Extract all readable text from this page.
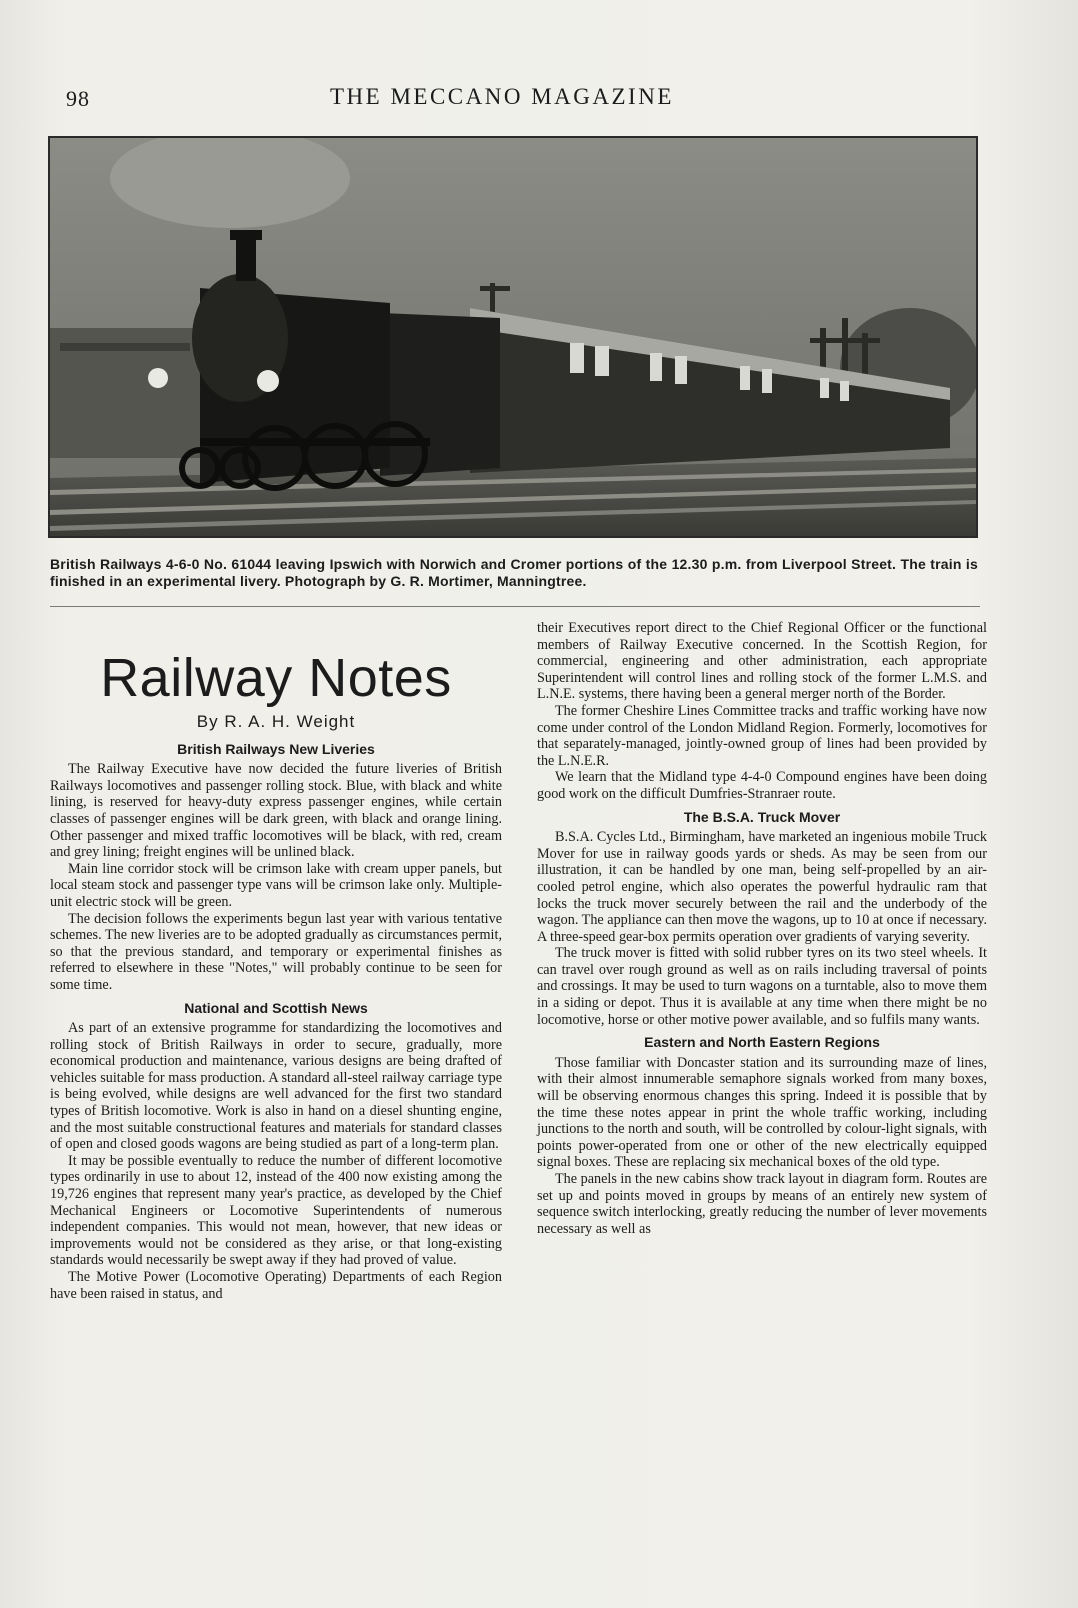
98	THE MECCANO MAGAZINE
British Railways 4-6-0 No. 61044 leaving Ipswich with Norwich and Cromer portions of the 12.30 p.m. from Liverpool Street. The train is finished in an experimental livery. Photograph by G. R. Mortimer, Manningtree.
Railway Notes
By R. A. H. Weight
British Railways New Liveries

The Railway Executive have now decided the future liveries of British Railways locomotives and passenger rolling stock. Blue, with black and white lining, is reserved for heavy-duty express passenger engines, while certain classes of passenger engines will be dark green, with black and orange lining. Other passenger and mixed traffic locomotives will be black, with red, cream and grey lining; freight engines will be unlined black.

Main line corridor stock will be crimson lake with cream upper panels, but local steam stock and passenger type vans will be crimson lake only. Multiple-unit electric stock will be green.

The decision follows the experiments begun last year with various tentative schemes. The new liveries are to be adopted gradually as circumstances permit, so that the previous standard, and temporary or experimental finishes as referred to elsewhere in these "Notes," will probably continue to be seen for some time.

National and Scottish News

As part of an extensive programme for standardizing the locomotives and rolling stock of British Railways in order to secure, gradually, more economical production and maintenance, various designs are being drafted of vehicles suitable for mass production. A standard all-steel railway carriage type is being evolved, while designs are well advanced for the first two standard types of British locomotive. Work is also in hand on a diesel shunting engine, and the most suitable constructional features and materials for standard classes of open and closed goods wagons are being studied as part of a long-term plan.

It may be possible eventually to reduce the number of different locomotive types ordinarily in use to about 12, instead of the 400 now existing among the 19,726 engines that represent many year's practice, as developed by the Chief Mechanical Engineers or Locomotive Superintendents of numerous independent companies. This would not mean, however, that new ideas or improvements would not be considered as they arise, or that long-existing standards would necessarily be swept away if they had proved of value.

The Motive Power (Locomotive Operating) Departments of each Region have been raised in status, and

their Executives report direct to the Chief Regional Officer or the functional members of Railway Executive concerned. In the Scottish Region, for commercial, engineering and other administration, each appropriate Superintendent will control lines and rolling stock of the former L.M.S. and L.N.E. systems, there having been a general merger north of the Border.

The former Cheshire Lines Committee tracks and traffic working have now come under control of the London Midland Region. Formerly, locomotives for that separately-managed, jointly-owned group of lines had been provided by the L.N.E.R.

We learn that the Midland type 4-4-0 Compound engines have been doing good work on the difficult Dumfries-Stranraer route.

The B.S.A. Truck Mover

B.S.A. Cycles Ltd., Birmingham, have marketed an ingenious mobile Truck Mover for use in railway goods yards or sheds. As may be seen from our illustration, it can be handled by one man, being self-propelled by an air-cooled petrol engine, which also operates the powerful hydraulic ram that locks the truck mover securely between the rail and the underbody of the wagon. The appliance can then move the wagons, up to 10 at once if necessary. A three-speed gear-box permits operation over gradients of varying severity.

The truck mover is fitted with solid rubber tyres on its two steel wheels. It can travel over rough ground as well as on rails including traversal of points and crossings. It may be used to turn wagons on a turntable, also to move them in a siding or depot. Thus it is available at any time when there might be no locomotive, horse or other motive power available, and so fulfils many wants.

Eastern and North Eastern Regions

Those familiar with Doncaster station and its surrounding maze of lines, with their almost innumerable semaphore signals worked from many boxes, will be observing enormous changes this spring. Indeed it is possible that by the time these notes appear in print the whole traffic working, including junctions to the north and south, will be controlled by colour-light signals, with points power-operated from one or other of the new electrically equipped signal boxes. These are replacing six mechanical boxes of the old type.

The panels in the new cabins show track layout in diagram form. Routes are set up and points moved in groups by means of an entirely new system of sequence switch interlocking, greatly reducing the number of lever movements necessary as well as
